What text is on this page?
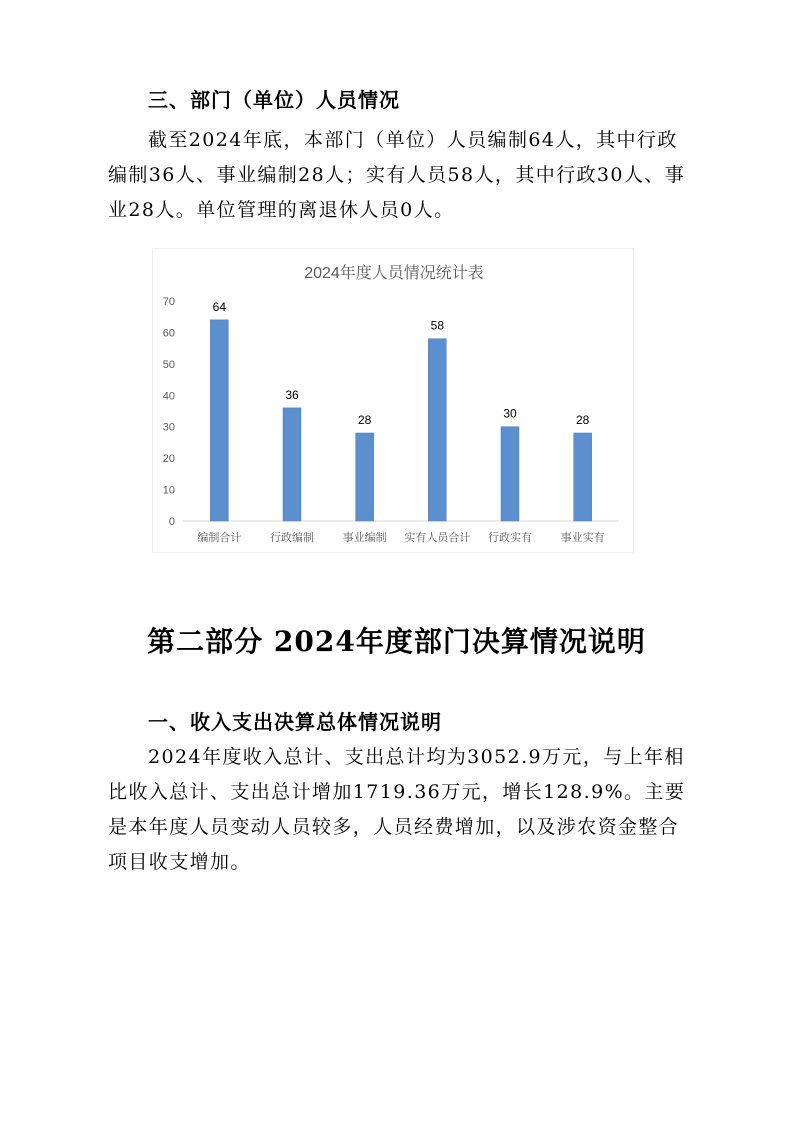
三、部门（单位）人员情况
截至2024年底，本部门（单位）人员编制64人，其中行政编制36人、事业编制28人；实有人员58人，其中行政30人、事业28人。单位管理的离退休人员0人。
2024年度人员情况统计表
0
10
20
30
40
50
60
70	64
36
28
58
30	28
编制合计	行政编制	事业编制 实有人员合计 行政实有	事业实有
第二部分 2024年度部门决算情况说明
一、收入支出决算总体情况说明
2024年度收入总计、支出总计均为3052.9万元，与上年相比收入总计、支出总计增加1719.36万元，增长128.9%。主要是本年度人员变动人员较多，人员经费增加，以及涉农资金整合项目收支增加。
